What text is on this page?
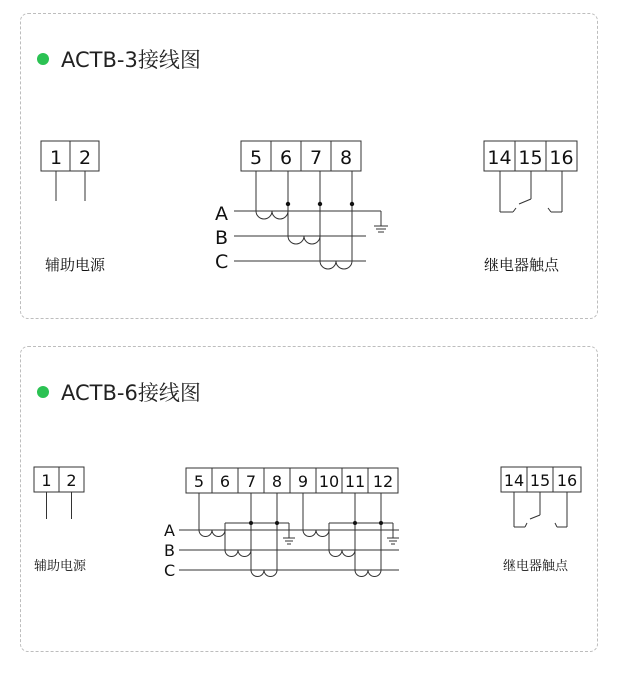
ACTB-3接线图
1 2
辅助电源
5 6 7 8
A
B
C
14 15 16
继电器触点
ACTB-6接线图
1 2
辅助电源
5 6 7 8 9 10 11 12
A
B
C
14 15 16
继电器触点
